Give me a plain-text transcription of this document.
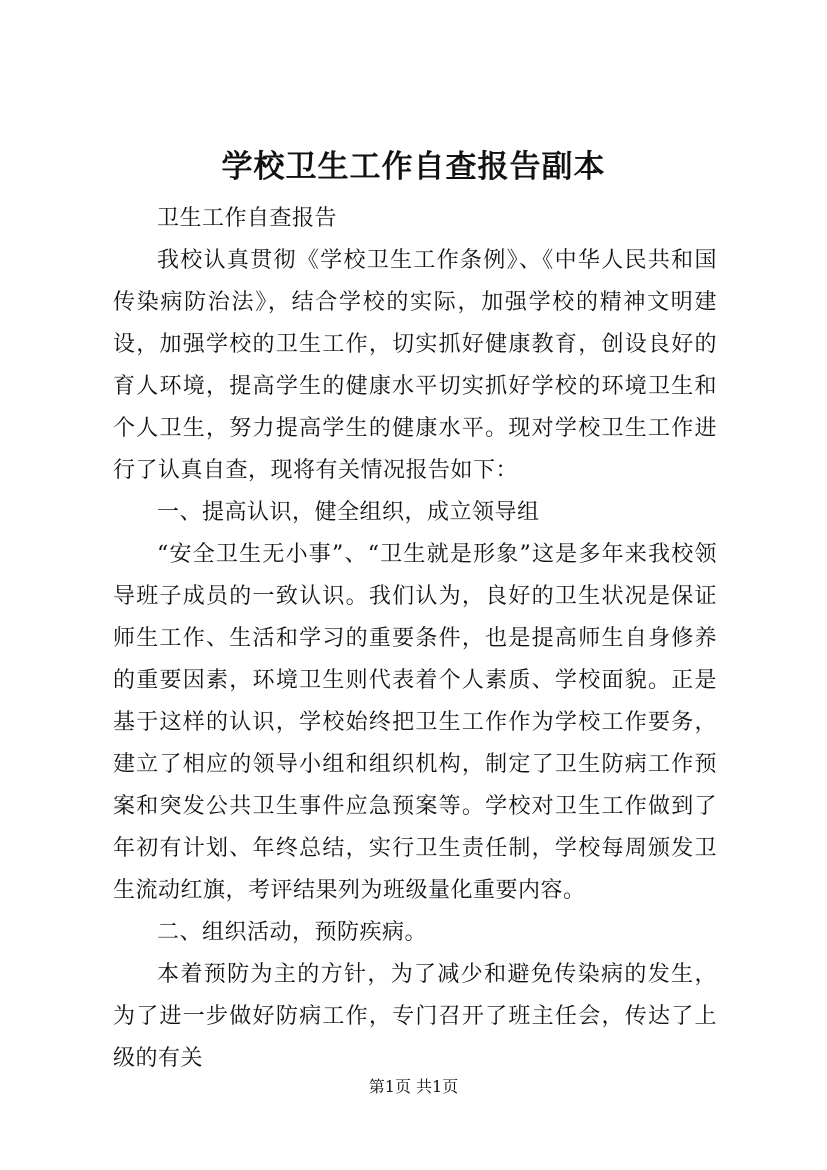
学校卫生工作自查报告副本

卫生工作自查报告

我校认真贯彻《学校卫生工作条例》、《中华人民共和国传染病防治法》，结合学校的实际，加强学校的精神文明建设，加强学校的卫生工作，切实抓好健康教育，创设良好的育人环境，提高学生的健康水平切实抓好学校的环境卫生和个人卫生，努力提高学生的健康水平。现对学校卫生工作进行了认真自查，现将有关情况报告如下：

一、提高认识，健全组织，成立领导组

“安全卫生无小事”、“卫生就是形象”这是多年来我校领导班子成员的一致认识。我们认为，良好的卫生状况是保证师生工作、生活和学习的重要条件，也是提高师生自身修养的重要因素，环境卫生则代表着个人素质、学校面貌。正是基于这样的认识，学校始终把卫生工作作为学校工作要务，建立了相应的领导小组和组织机构，制定了卫生防病工作预案和突发公共卫生事件应急预案等。学校对卫生工作做到了年初有计划、年终总结，实行卫生责任制，学校每周颁发卫生流动红旗，考评结果列为班级量化重要内容。

二、组织活动，预防疾病。

本着预防为主的方针，为了减少和避免传染病的发生，为了进一步做好防病工作，专门召开了班主任会，传达了上级的有关

第1页 共1页
